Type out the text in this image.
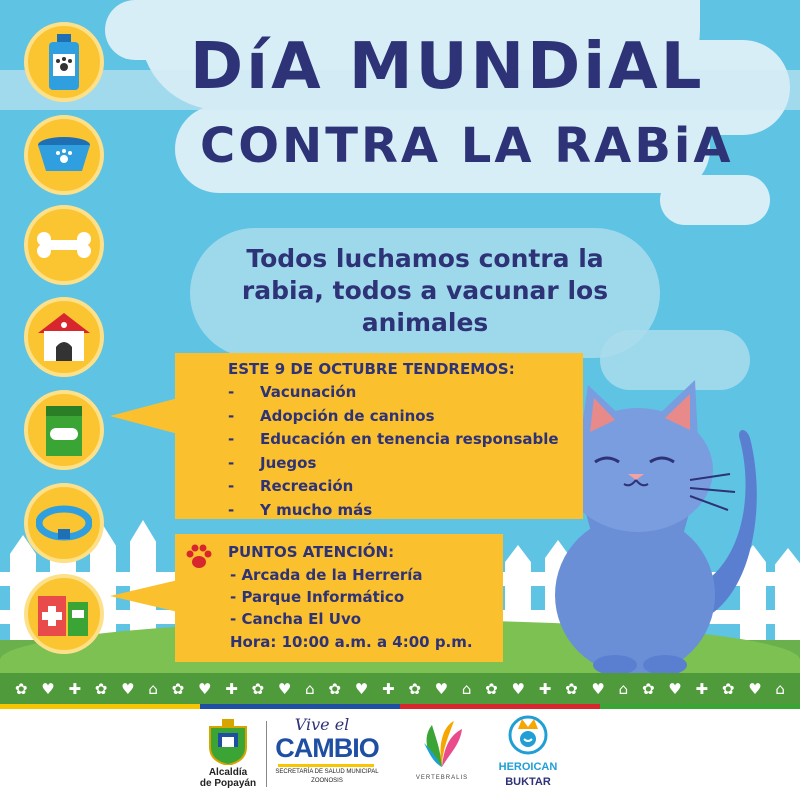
DíA MUNDiAL
CONTRA LA RABiA
Todos luchamos contra la rabia, todos a vacunar los animales
ESTE 9 DE OCTUBRE TENDREMOS:
-	Vacunación
-	Adopción de caninos
-	Educación en tenencia responsable
-	Juegos
-	Recreación
-	Y mucho más
PUNTOS ATENCIÓN:
- Arcada de la Herrería
- Parque Informático
- Cancha El Uvo
Hora: 10:00 a.m. a 4:00 p.m.
✿ ♥ ✚ ✿ ♥ ⌂ ✿ ♥ ✚ ✿ ♥ ⌂ ✿ ♥ ✚ ✿ ♥ ⌂ ✿ ♥ ✚ ✿ ♥ ⌂ ✿ ♥ ✚ ✿ ♥ ⌂
Alcaldía
de Popayán
Vive el
CAMBIO
SECRETARÍA DE SALUD MUNICIPAL
ZOONOSIS	VERTEBRALIS
HEROICAN
BUKTAR
